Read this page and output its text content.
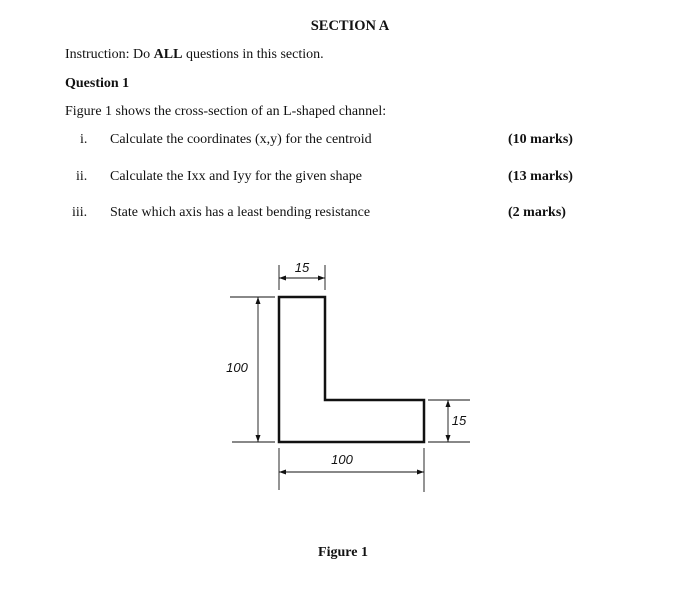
SECTION A
Instruction: Do ALL questions in this section.
Question 1
Figure 1 shows the cross-section of an L-shaped channel:
i. Calculate the coordinates (x,y) for the centroid	(10 marks)
ii. Calculate the Ixx and Iyy for the given shape	(13 marks)
iii. State which axis has a least bending resistance	(2 marks)
15
100
15
100
Figure 1
